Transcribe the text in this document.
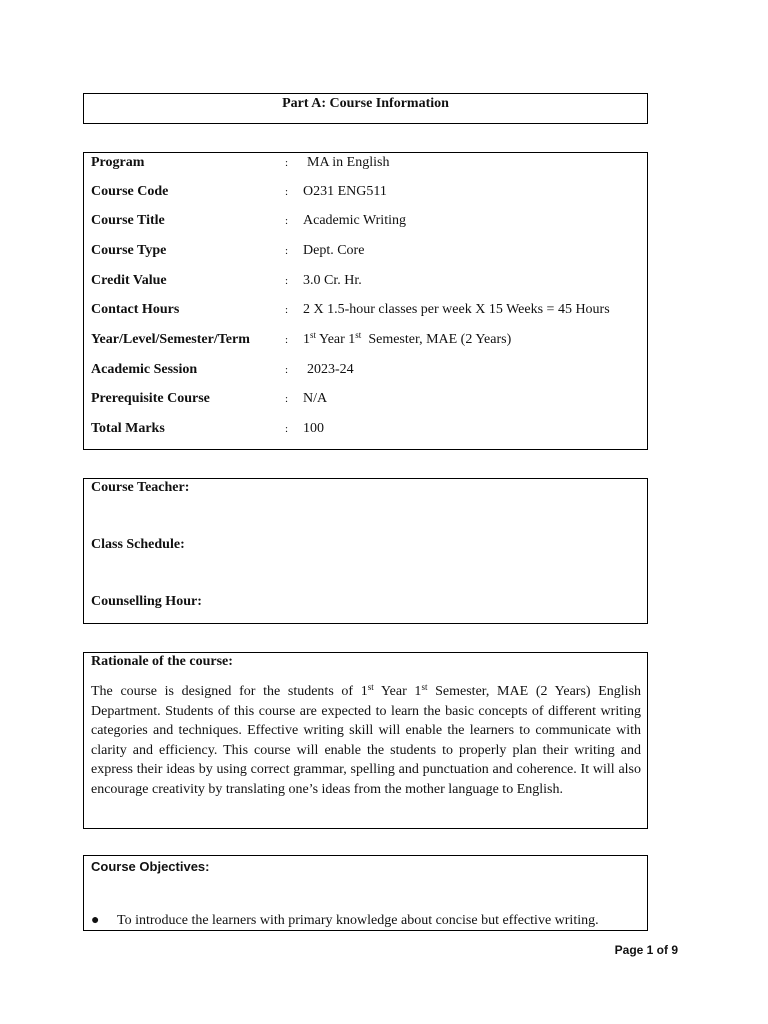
Part A: Course Information
Program	: MA in English
Course Code	: O231 ENG511
Course Title	: Academic Writing
Course Type	: Dept. Core
Credit Value	: 3.0 Cr. Hr.
Contact Hours	: 2 X 1.5-hour classes per week X 15 Weeks = 45 Hours
Year/Level/Semester/Term	: 1st Year 1st  Semester, MAE (2 Years)
Academic Session	: 2023-24
Prerequisite Course	: N/A
Total Marks	: 100
Course Teacher:
Class Schedule:
Counselling Hour:
Rationale of the course:
The course is designed for the students of 1st Year 1st Semester, MAE (2 Years) English Department. Students of this course are expected to learn the basic concepts of different writing categories and techniques. Effective writing skill will enable the learners to communicate with clarity and efficiency. This course will enable the students to properly plan their writing and express their ideas by using correct grammar, spelling and punctuation and coherence. It will also encourage creativity by translating one’s ideas from the mother language to English.
Course Objectives:
● To introduce the learners with primary knowledge about concise but effective writing.
Page 1 of 9
